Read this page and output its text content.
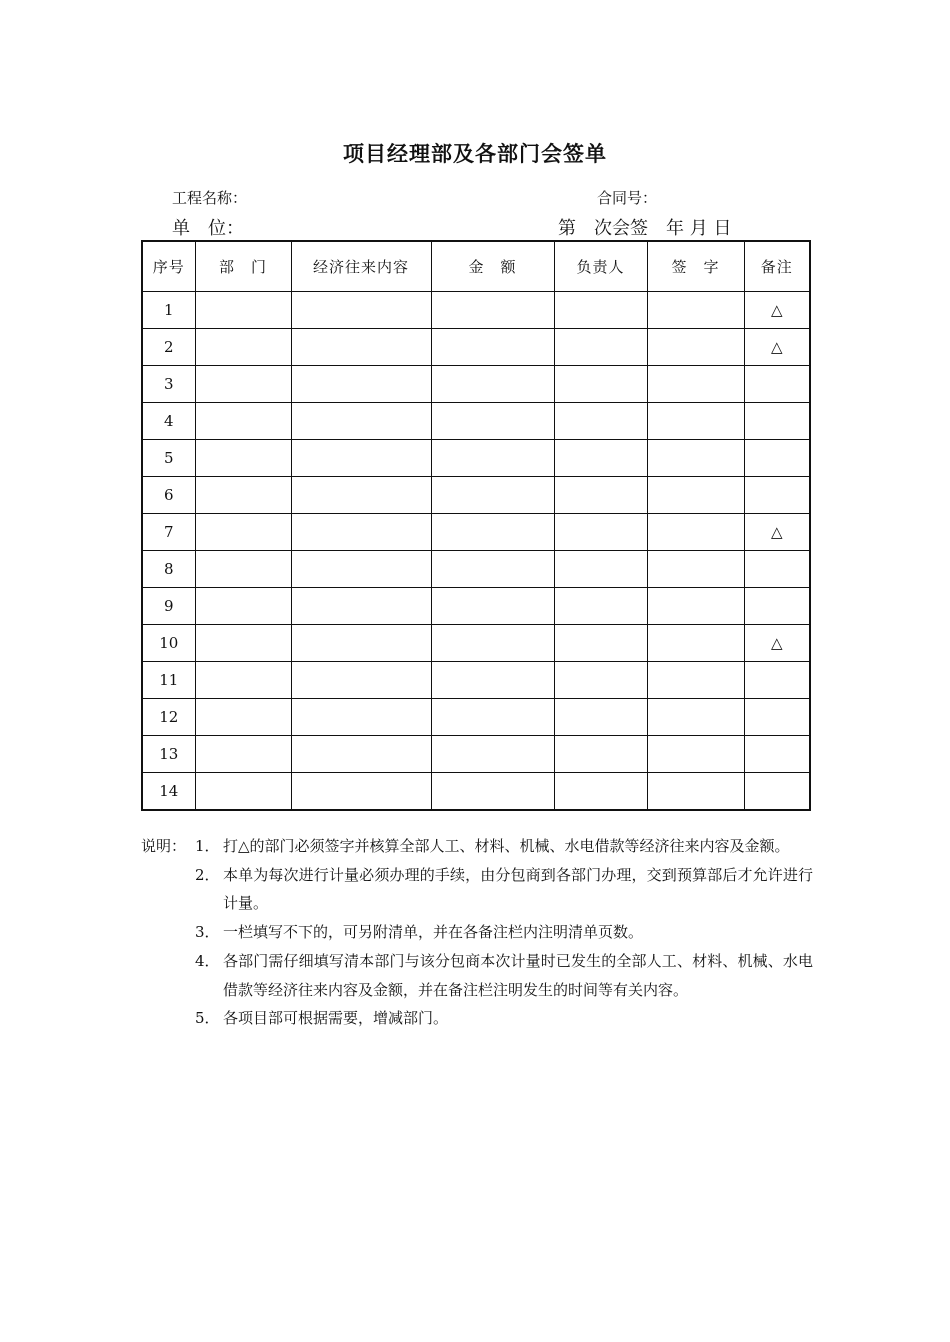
项目经理部及各部门会签单
工程名称：	合同号：
单　位：	第　次会签　年 月 日
序号	部　门	经济往来内容	金　额	负责人	签　字	备注
1						△
2						△
3						
4						
5						
6						
7						△
8						
9						
10						△
11						
12						
13						
14						
说明： 1． 打△的部门必须签字并核算全部人工、材料、机械、水电借款等经济往来内容及金额。
2． 本单为每次进行计量必须办理的手续，由分包商到各部门办理，交到预算部后才允许进行计量。
3． 一栏填写不下的，可另附清单，并在各备注栏内注明清单页数。
4． 各部门需仔细填写清本部门与该分包商本次计量时已发生的全部人工、材料、机械、水电借款等经济往来内容及金额，并在备注栏注明发生的时间等有关内容。
5． 各项目部可根据需要，增减部门。
